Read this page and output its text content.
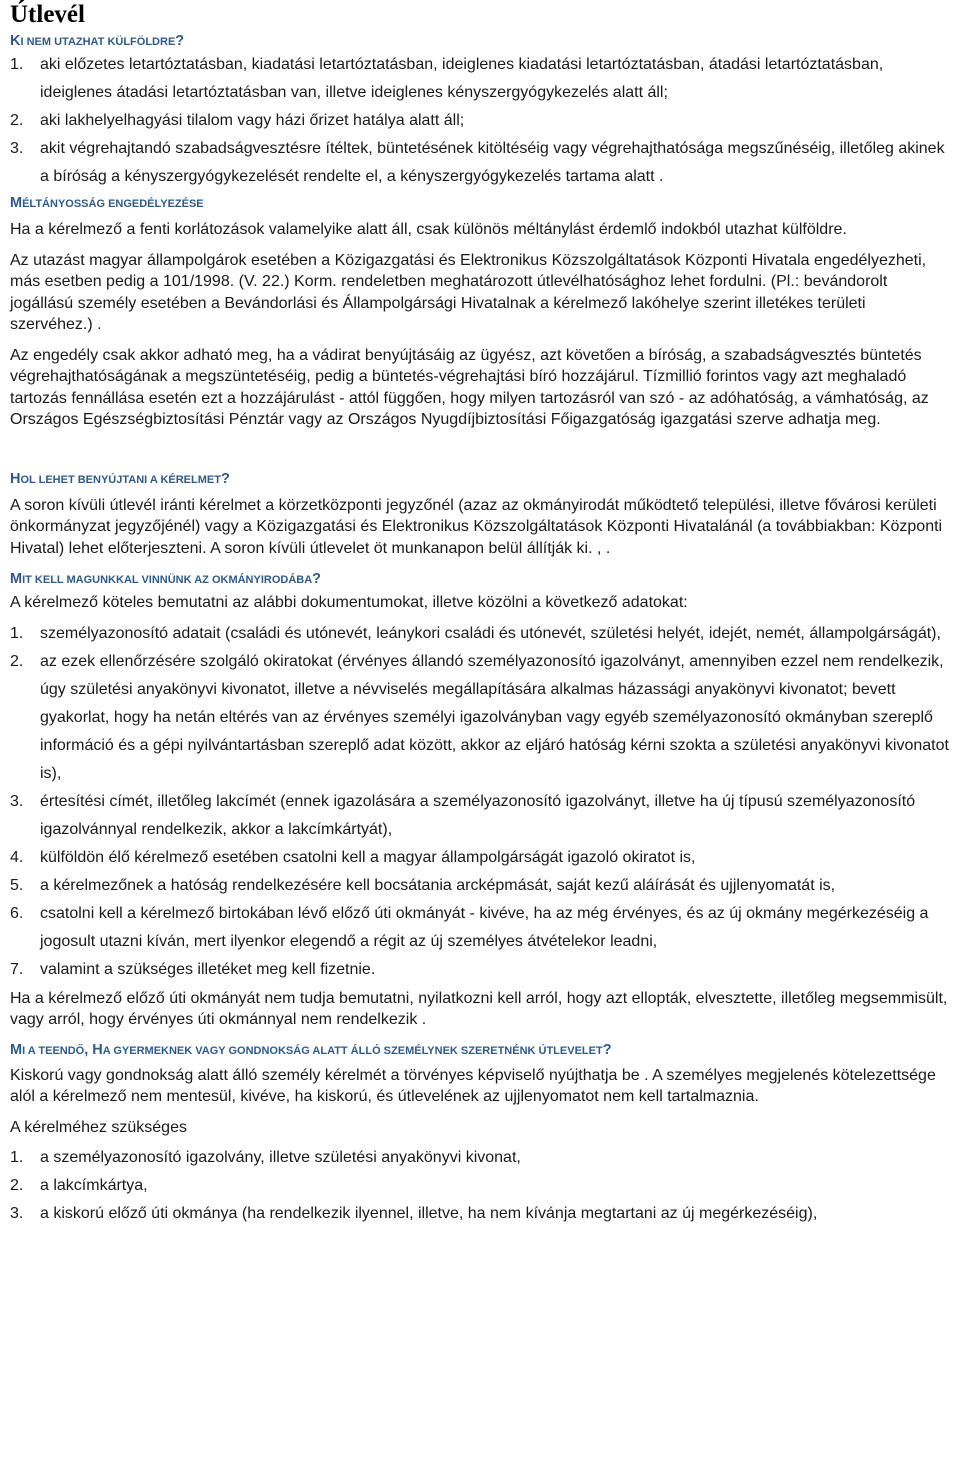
Útlevél
KI NEM UTAZHAT KÜLFÖLDRE?
1. aki előzetes letartóztatásban, kiadatási letartóztatásban, ideiglenes kiadatási letartóztatásban, átadási letartóztatásban, ideiglenes átadási letartóztatásban van, illetve ideiglenes kényszergyógykezelés alatt áll;
2. aki lakhelyelhagyási tilalom vagy házi őrizet hatálya alatt áll;
3. akit végrehajtandó szabadságvesztésre ítéltek, büntetésének kitöltéséig vagy végrehajthatósága megszűnéséig, illetőleg akinek a bíróság a kényszergyógykezelését rendelte el, a kényszergyógykezelés tartama alatt .
MÉLTÁNYOSSÁG ENGEDÉLYEZÉSE

Ha a kérelmező a fenti korlátozások valamelyike alatt áll, csak különös méltánylást érdemlő indokból utazhat külföldre.

Az utazást magyar állampolgárok esetében a Közigazgatási és Elektronikus Közszolgáltatások Központi Hivatala engedélyezheti, más esetben pedig a 101/1998. (V. 22.) Korm. rendeletben meghatározott útlevélhatósághoz lehet fordulni. (Pl.: bevándorolt jogállású személy esetében a Bevándorlási és Állampolgársági Hivatalnak a kérelmező lakóhelye szerint illetékes területi szervéhez.) .

Az engedély csak akkor adható meg, ha a vádirat benyújtásáig az ügyész, azt követően a bíróság, a szabadságvesztés büntetés végrehajthatóságának a megszüntetéséig, pedig a büntetés-végrehajtási bíró hozzájárul. Tízmillió forintos vagy azt meghaladó tartozás fennállása esetén ezt a hozzájárulást - attól függően, hogy milyen tartozásról van szó - az adóhatóság, a vámhatóság, az Országos Egészségbiztosítási Pénztár vagy az Országos Nyugdíjbiztosítási Főigazgatóság igazgatási szerve adhatja meg.

HOL LEHET BENYÚJTANI A KÉRELMET?

A soron kívüli útlevél iránti kérelmet a körzetközponti jegyzőnél (azaz az okmányirodát működtető települési, illetve fővárosi kerületi önkormányzat jegyzőjénél) vagy a Közigazgatási és Elektronikus Közszolgáltatások Központi Hivatalánál (a továbbiakban: Központi Hivatal) lehet előterjeszteni. A soron kívüli útlevelet öt munkanapon belül állítják ki. , .

MIT KELL MAGUNKKAL VINNÜNK AZ OKMÁNYIRODÁBA?

A kérelmező köteles bemutatni az alábbi dokumentumokat, illetve közölni a következő adatokat:

1. személyazonosító adatait (családi és utónevét, leánykori családi és utónevét, születési helyét, idejét, nemét, állampolgárságát),
2. az ezek ellenőrzésére szolgáló okiratokat (érvényes állandó személyazonosító igazolványt, amennyiben ezzel nem rendelkezik, úgy születési anyakönyvi kivonatot, illetve a névviselés megállapítására alkalmas házassági anyakönyvi kivonatot; bevett gyakorlat, hogy ha netán eltérés van az érvényes személyi igazolványban vagy egyéb személyazonosító okmányban szereplő információ és a gépi nyilvántartásban szereplő adat között, akkor az eljáró hatóság kérni szokta a születési anyakönyvi kivonatot is),
3. értesítési címét, illetőleg lakcímét (ennek igazolására a személyazonosító igazolványt, illetve ha új típusú személyazonosító igazolvánnyal rendelkezik, akkor a lakcímkártyát),
4. külföldön élő kérelmező esetében csatolni kell a magyar állampolgárságát igazoló okiratot is,
5. a kérelmezőnek a hatóság rendelkezésére kell bocsátania arcképmását, saját kezű aláírását és ujjlenyomatát is,
6. csatolni kell a kérelmező birtokában lévő előző úti okmányát - kivéve, ha az még érvényes, és az új okmány megérkezéséig a jogosult utazni kíván, mert ilyenkor elegendő a régit az új személyes átvételekor leadni,
7. valamint a szükséges illetéket meg kell fizetnie.

Ha a kérelmező előző úti okmányát nem tudja bemutatni, nyilatkozni kell arról, hogy azt ellopták, elvesztette, illetőleg megsemmisült, vagy arról, hogy érvényes úti okmánnyal nem rendelkezik .

MI A TEENDŐ, HA GYERMEKNEK VAGY GONDNOKSÁG ALATT ÁLLÓ SZEMÉLYNEK SZERETNÉNK ÚTLEVELET?

Kiskorú vagy gondnokság alatt álló személy kérelmét a törvényes képviselő nyújthatja be . A személyes megjelenés kötelezettsége alól a kérelmező nem mentesül, kivéve, ha kiskorú, és útlevelének az ujjlenyomatot nem kell tartalmaznia.

A kérelméhez szükséges

1. a személyazonosító igazolvány, illetve születési anyakönyvi kivonat,
2. a lakcímkártya,
3. a kiskorú előző úti okmánya (ha rendelkezik ilyennel, illetve, ha nem kívánja megtartani az új megérkezéséig),
